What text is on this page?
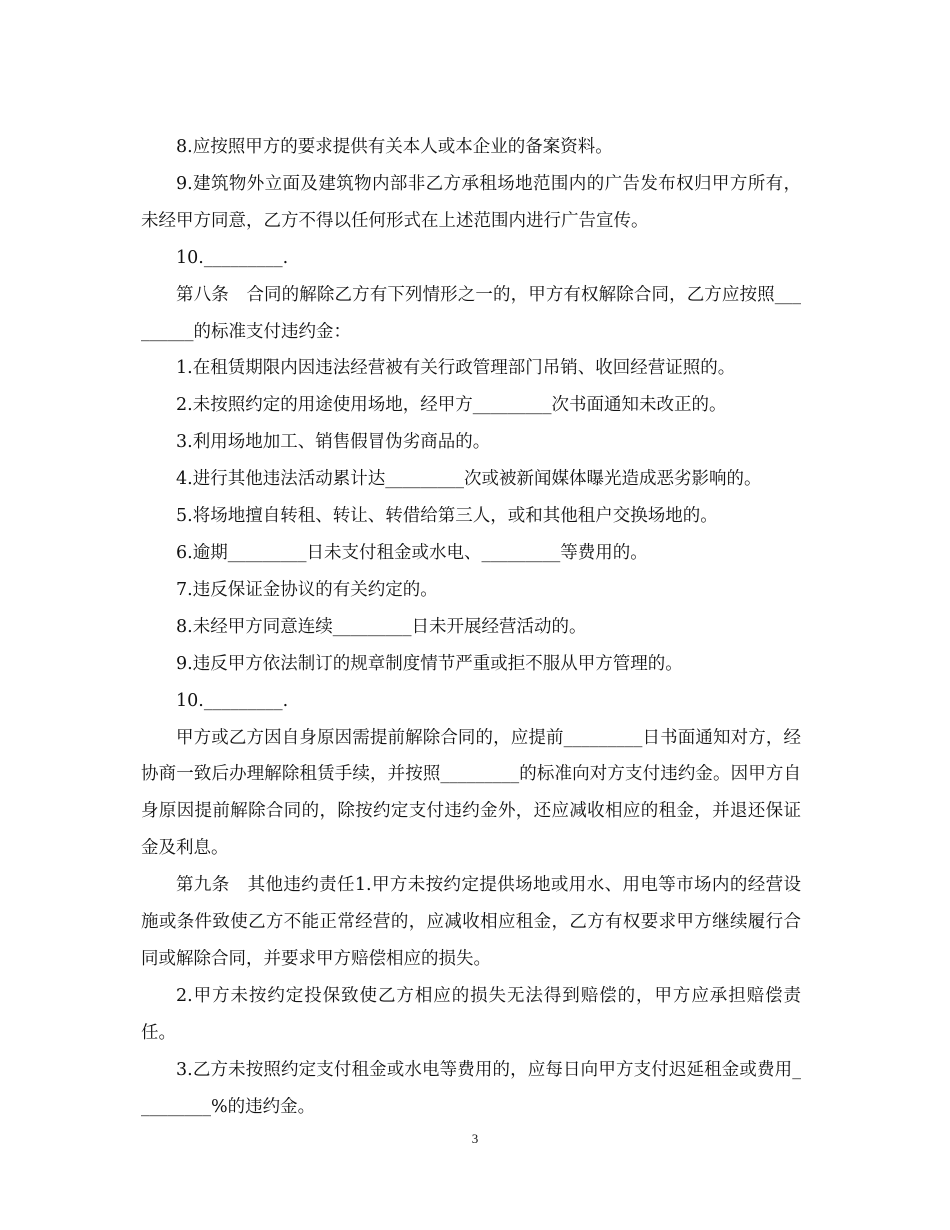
8.应按照甲方的要求提供有关本人或本企业的备案资料。

9.建筑物外立面及建筑物内部非乙方承租场地范围内的广告发布权归甲方所有，未经甲方同意，乙方不得以任何形式在上述范围内进行广告宣传。

10._________.

第八条　合同的解除乙方有下列情形之一的，甲方有权解除合同，乙方应按照_________的标准支付违约金：

1.在租赁期限内因违法经营被有关行政管理部门吊销、收回经营证照的。

2.未按照约定的用途使用场地，经甲方_________次书面通知未改正的。

3.利用场地加工、销售假冒伪劣商品的。

4.进行其他违法活动累计达_________次或被新闻媒体曝光造成恶劣影响的。

5.将场地擅自转租、转让、转借给第三人，或和其他租户交换场地的。

6.逾期_________日未支付租金或水电、_________等费用的。

7.违反保证金协议的有关约定的。

8.未经甲方同意连续_________日未开展经营活动的。

9.违反甲方依法制订的规章制度情节严重或拒不服从甲方管理的。

10._________.

甲方或乙方因自身原因需提前解除合同的，应提前_________日书面通知对方，经协商一致后办理解除租赁手续，并按照_________的标准向对方支付违约金。因甲方自身原因提前解除合同的，除按约定支付违约金外，还应减收相应的租金，并退还保证金及利息。

第九条　其他违约责任1.甲方未按约定提供场地或用水、用电等市场内的经营设施或条件致使乙方不能正常经营的，应减收相应租金，乙方有权要求甲方继续履行合同或解除合同，并要求甲方赔偿相应的损失。

2.甲方未按约定投保致使乙方相应的损失无法得到赔偿的，甲方应承担赔偿责任。

3.乙方未按照约定支付租金或水电等费用的，应每日向甲方支付迟延租金或费用_________%的违约金。

3
